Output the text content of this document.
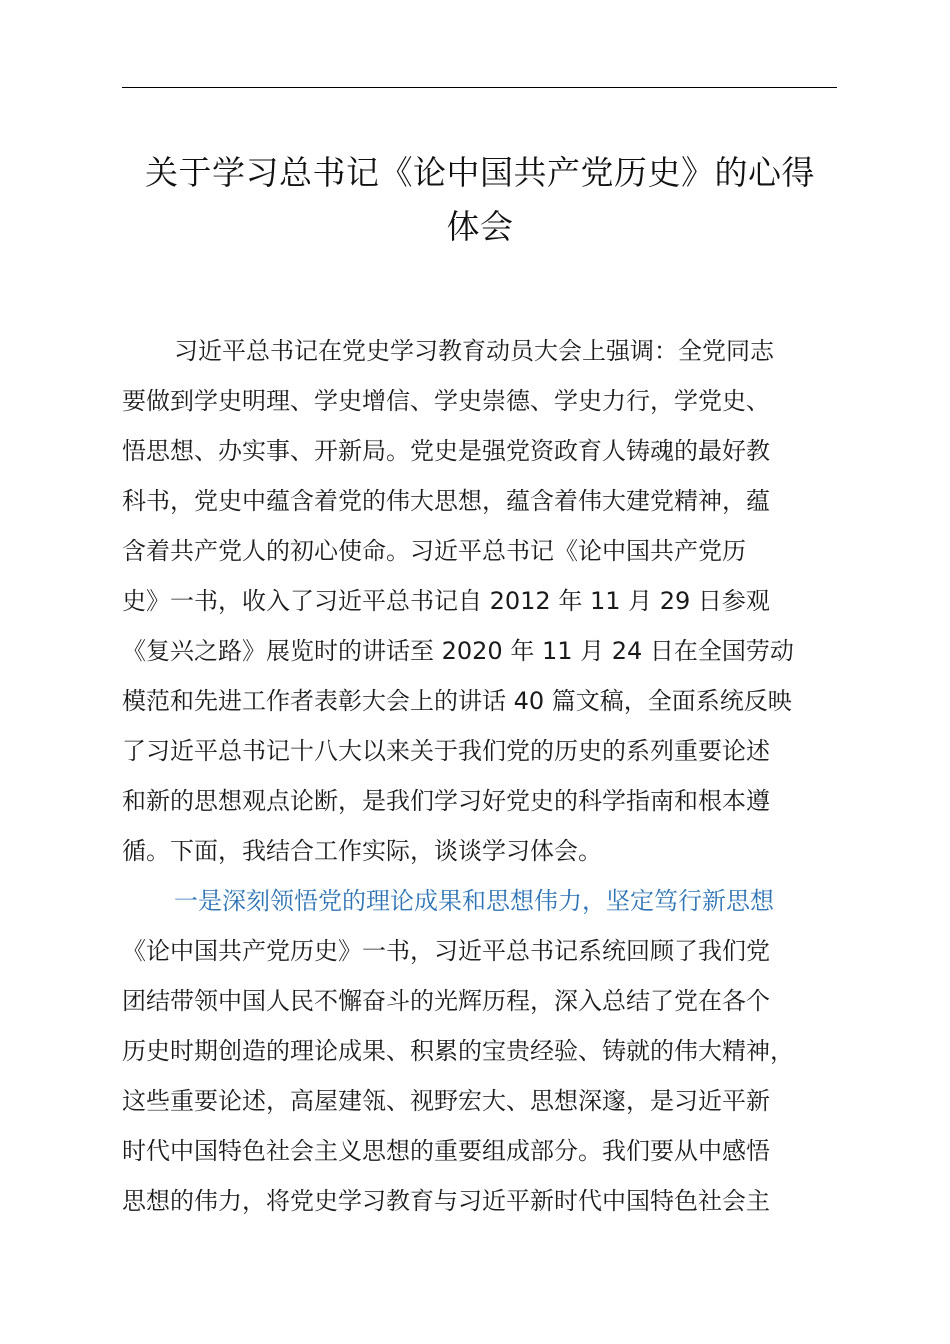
关于学习总书记《论中国共产党历史》的心得
体会
习近平总书记在党史学习教育动员大会上强调：全党同志
要做到学史明理、学史增信、学史崇德、学史力行，学党史、
悟思想、办实事、开新局。党史是强党资政育人铸魂的最好教
科书，党史中蕴含着党的伟大思想，蕴含着伟大建党精神，蕴
含着共产党人的初心使命。习近平总书记《论中国共产党历
史》一书，收入了习近平总书记自 2012 年 11 月 29 日参观
《复兴之路》展览时的讲话至 2020 年 11 月 24 日在全国劳动
模范和先进工作者表彰大会上的讲话 40 篇文稿，全面系统反映
了习近平总书记十八大以来关于我们党的历史的系列重要论述
和新的思想观点论断，是我们学习好党史的科学指南和根本遵
循。下面，我结合工作实际，谈谈学习体会。
一是深刻领悟党的理论成果和思想伟力，坚定笃行新思想
《论中国共产党历史》一书，习近平总书记系统回顾了我们党
团结带领中国人民不懈奋斗的光辉历程，深入总结了党在各个
历史时期创造的理论成果、积累的宝贵经验、铸就的伟大精神，
这些重要论述，高屋建瓴、视野宏大、思想深邃，是习近平新
时代中国特色社会主义思想的重要组成部分。我们要从中感悟
思想的伟力，将党史学习教育与习近平新时代中国特色社会主
